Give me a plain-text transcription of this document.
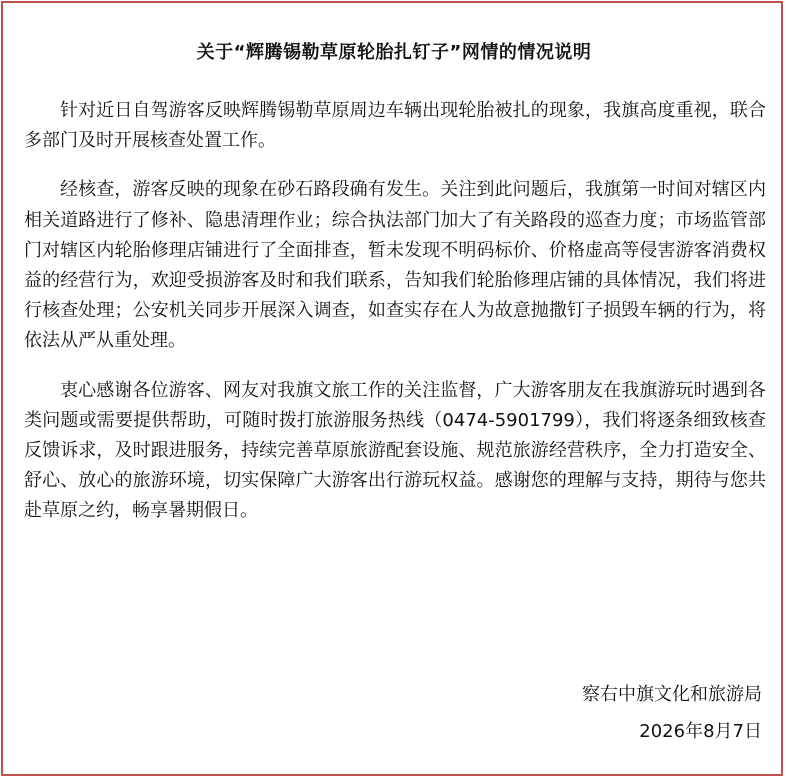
关于“辉腾锡勒草原轮胎扎钉子”网情的情况说明

针对近日自驾游客反映辉腾锡勒草原周边车辆出现轮胎被扎的现象，我旗高度重视，联合多部门及时开展核查处置工作。

经核查，游客反映的现象在砂石路段确有发生。关注到此问题后，我旗第一时间对辖区内相关道路进行了修补、隐患清理作业；综合执法部门加大了有关路段的巡查力度；市场监管部门对辖区内轮胎修理店铺进行了全面排查，暂未发现不明码标价、价格虚高等侵害游客消费权益的经营行为，欢迎受损游客及时和我们联系，告知我们轮胎修理店铺的具体情况，我们将进行核查处理；公安机关同步开展深入调查，如查实存在人为故意抛撒钉子损毁车辆的行为，将依法从严从重处理。

衷心感谢各位游客、网友对我旗文旅工作的关注监督，广大游客朋友在我旗游玩时遇到各类问题或需要提供帮助，可随时拨打旅游服务热线（0474-5901799），我们将逐条细致核查反馈诉求，及时跟进服务，持续完善草原旅游配套设施、规范旅游经营秩序，全力打造安全、舒心、放心的旅游环境，切实保障广大游客出行游玩权益。感谢您的理解与支持，期待与您共赴草原之约，畅享暑期假日。

察右中旗文化和旅游局
2026年8月7日
